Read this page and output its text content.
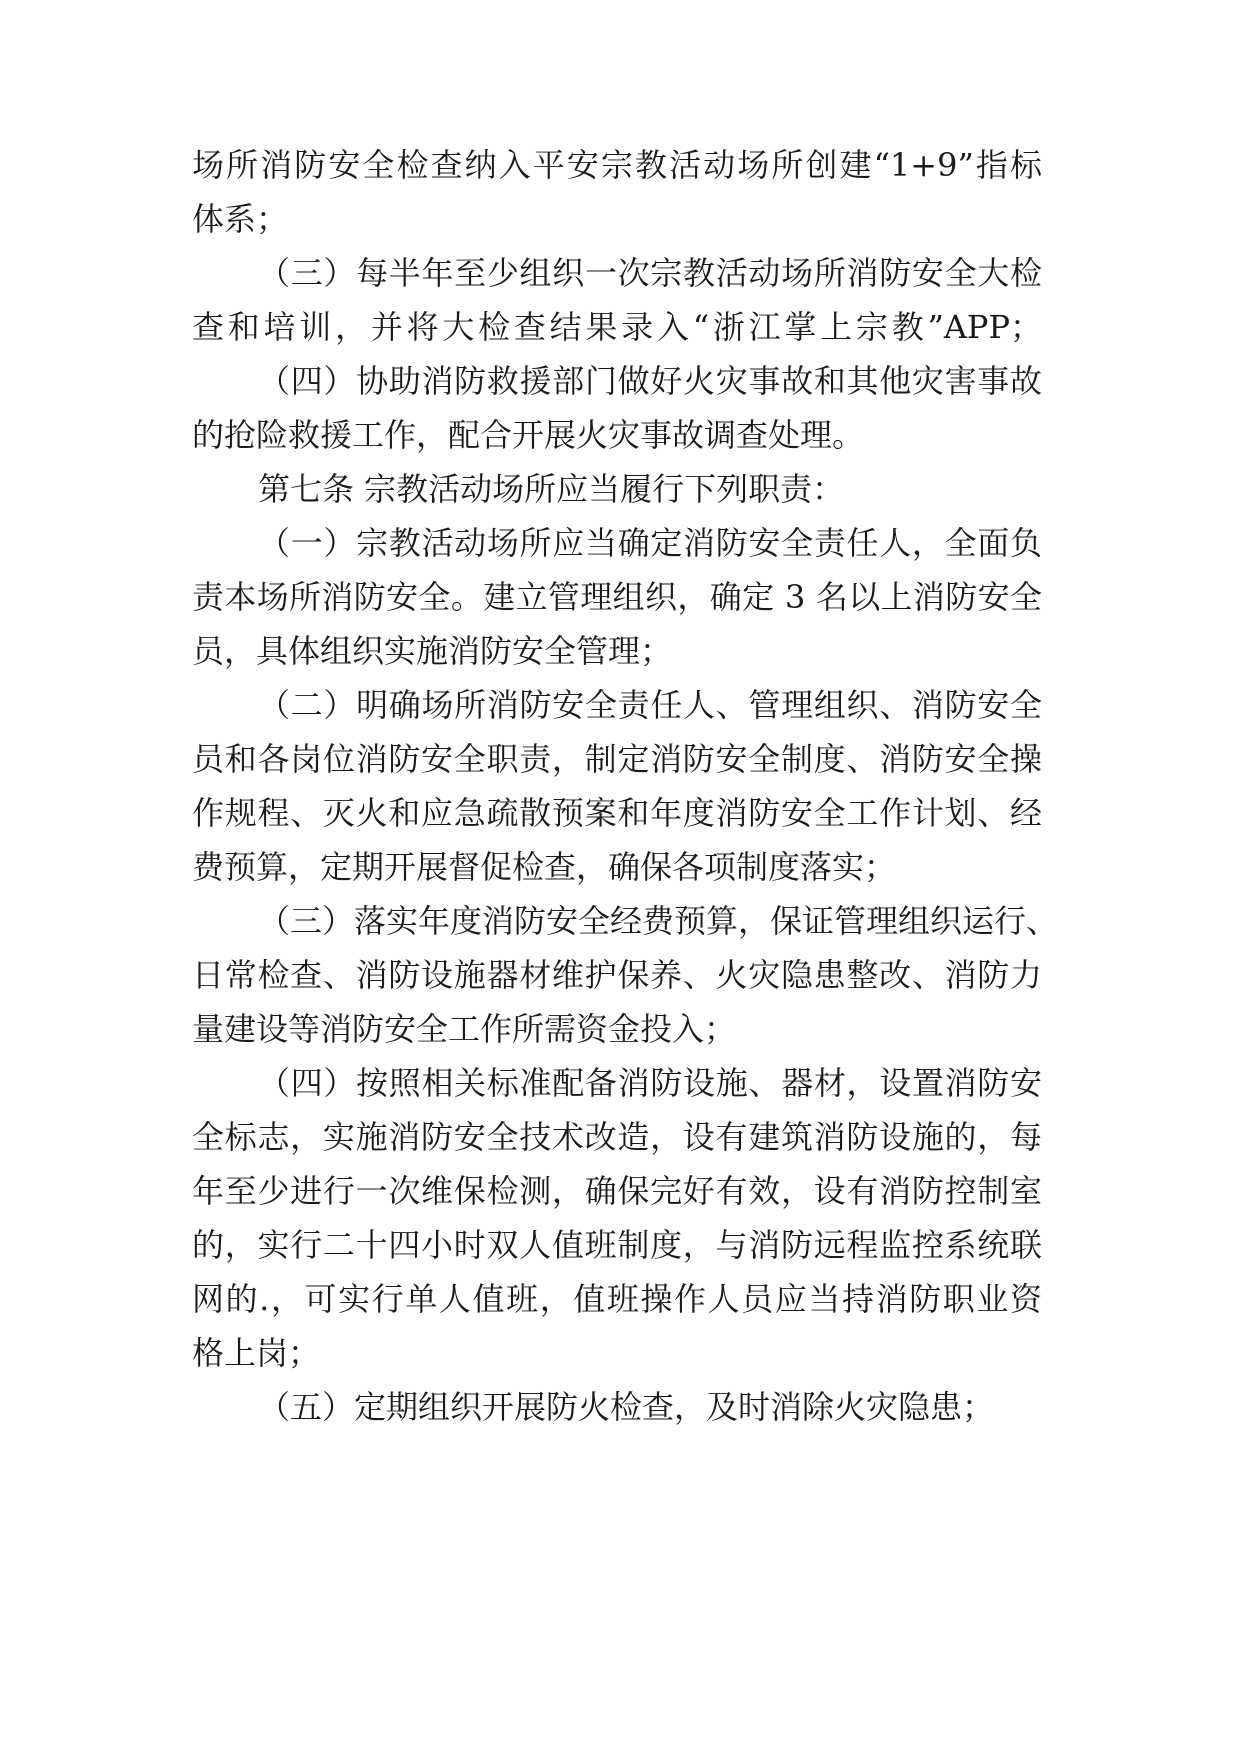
场所消防安全检查纳入平安宗教活动场所创建“1+9”指标

体系；

（三）每半年至少组织一次宗教活动场所消防安全大检

查和培训，并将大检查结果录入“浙江掌上宗教”APP；

（四）协助消防救援部门做好火灾事故和其他灾害事故

的抢险救援工作，配合开展火灾事故调查处理。

第七条 宗教活动场所应当履行下列职责：

（一）宗教活动场所应当确定消防安全责任人，全面负

责本场所消防安全。建立管理组织，确定 3 名以上消防安全

员，具体组织实施消防安全管理；

（二）明确场所消防安全责任人、管理组织、消防安全

员和各岗位消防安全职责，制定消防安全制度、消防安全操

作规程、灭火和应急疏散预案和年度消防安全工作计划、经

费预算，定期开展督促检查，确保各项制度落实；

（三）落实年度消防安全经费预算，保证管理组织运行、

日常检查、消防设施器材维护保养、火灾隐患整改、消防力

量建设等消防安全工作所需资金投入；

（四）按照相关标准配备消防设施、器材，设置消防安

全标志，实施消防安全技术改造，设有建筑消防设施的，每

年至少进行一次维保检测，确保完好有效，设有消防控制室

的，实行二十四小时双人值班制度，与消防远程监控系统联

网的.，可实行单人值班，值班操作人员应当持消防职业资

格上岗；

（五）定期组织开展防火检查，及时消除火灾隐患；
